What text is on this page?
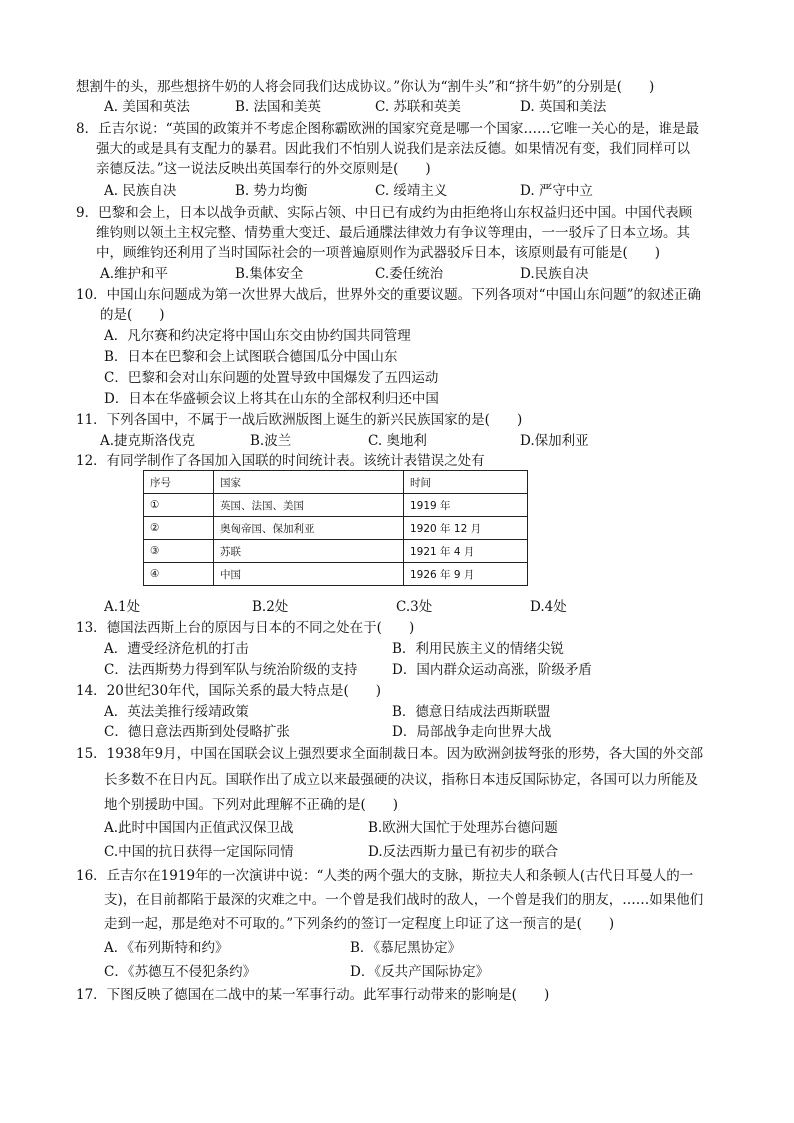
想割牛的头，那些想挤牛奶的人将会同我们达成协议。”你认为“割牛头”和“挤牛奶”的分别是(　　)
A. 美国和英法	B. 法国和美英	C. 苏联和英美	D. 英国和美法
8．丘吉尔说：“英国的政策并不考虑企图称霸欧洲的国家究竟是哪一个国家……它唯一关心的是，谁是最
强大的或是具有支配力的暴君。因此我们不怕别人说我们是亲法反德。如果情况有变，我们同样可以
亲德反法。”这一说法反映出英国奉行的外交原则是(　　)
A. 民族自决	B. 势力均衡	C. 绥靖主义	D. 严守中立
9．巴黎和会上，日本以战争贡献、实际占领、中日已有成约为由拒绝将山东权益归还中国。中国代表顾
维钧则以领土主权完整、情势重大变迁、最后通牒法律效力有争议等理由，一一驳斥了日本立场。其
中，顾维钧还利用了当时国际社会的一项普遍原则作为武器驳斥日本，该原则最有可能是(　　)
A.维护和平	B.集体安全	C.委任统治	D.民族自决
10．中国山东问题成为第一次世界大战后，世界外交的重要议题。下列各项对“中国山东问题”的叙述正确
的是(　　)
A．凡尔赛和约决定将中国山东交由协约国共同管理
B．日本在巴黎和会上试图联合德国瓜分中国山东
C．巴黎和会对山东问题的处置导致中国爆发了五四运动
D．日本在华盛顿会议上将其在山东的全部权利归还中国
11．下列各国中，不属于一战后欧洲版图上诞生的新兴民族国家的是(　　)
A.捷克斯洛伐克	B.波兰	C. 奥地利	D.保加利亚
12．有同学制作了各国加入国联的时间统计表。该统计表错误之处有
序号	国家	时间
①	英国、法国、美国	1919 年
②	奥匈帝国、保加利亚	1920 年 12 月
③	苏联	1921 年 4 月
④	中国	1926 年 9 月
A.1处	B.2处	C.3处	D.4处
13．德国法西斯上台的原因与日本的不同之处在于(　　)
A．遭受经济危机的打击	B．利用民族主义的情绪尖锐
C．法西斯势力得到军队与统治阶级的支持	D．国内群众运动高涨，阶级矛盾
14．20世纪30年代，国际关系的最大特点是(　　)
A．英法美推行绥靖政策	B．德意日结成法西斯联盟
C．德日意法西斯到处侵略扩张	D．局部战争走向世界大战
15．1938年9月，中国在国联会议上强烈要求全面制裁日本。因为欧洲剑拔弩张的形势，各大国的外交部
长多数不在日内瓦。国联作出了成立以来最强硬的决议，指称日本违反国际协定，各国可以力所能及
地个别援助中国。下列对此理解不正确的是(　　)
A.此时中国国内正值武汉保卫战	B.欧洲大国忙于处理苏台德问题
C.中国的抗日获得一定国际同情	D.反法西斯力量已有初步的联合
16．丘吉尔在1919年的一次演讲中说：“人类的两个强大的支脉，斯拉夫人和条顿人(古代日耳曼人的一
支)，在目前都陷于最深的灾难之中。一个曾是我们战时的敌人，一个曾是我们的朋友，……如果他们
走到一起，那是绝对不可取的。”下列条约的签订一定程度上印证了这一预言的是(　　)
A．《布列斯特和约》	B．《慕尼黑协定》
C．《苏德互不侵犯条约》	D．《反共产国际协定》
17．下图反映了德国在二战中的某一军事行动。此军事行动带来的影响是(　　)
